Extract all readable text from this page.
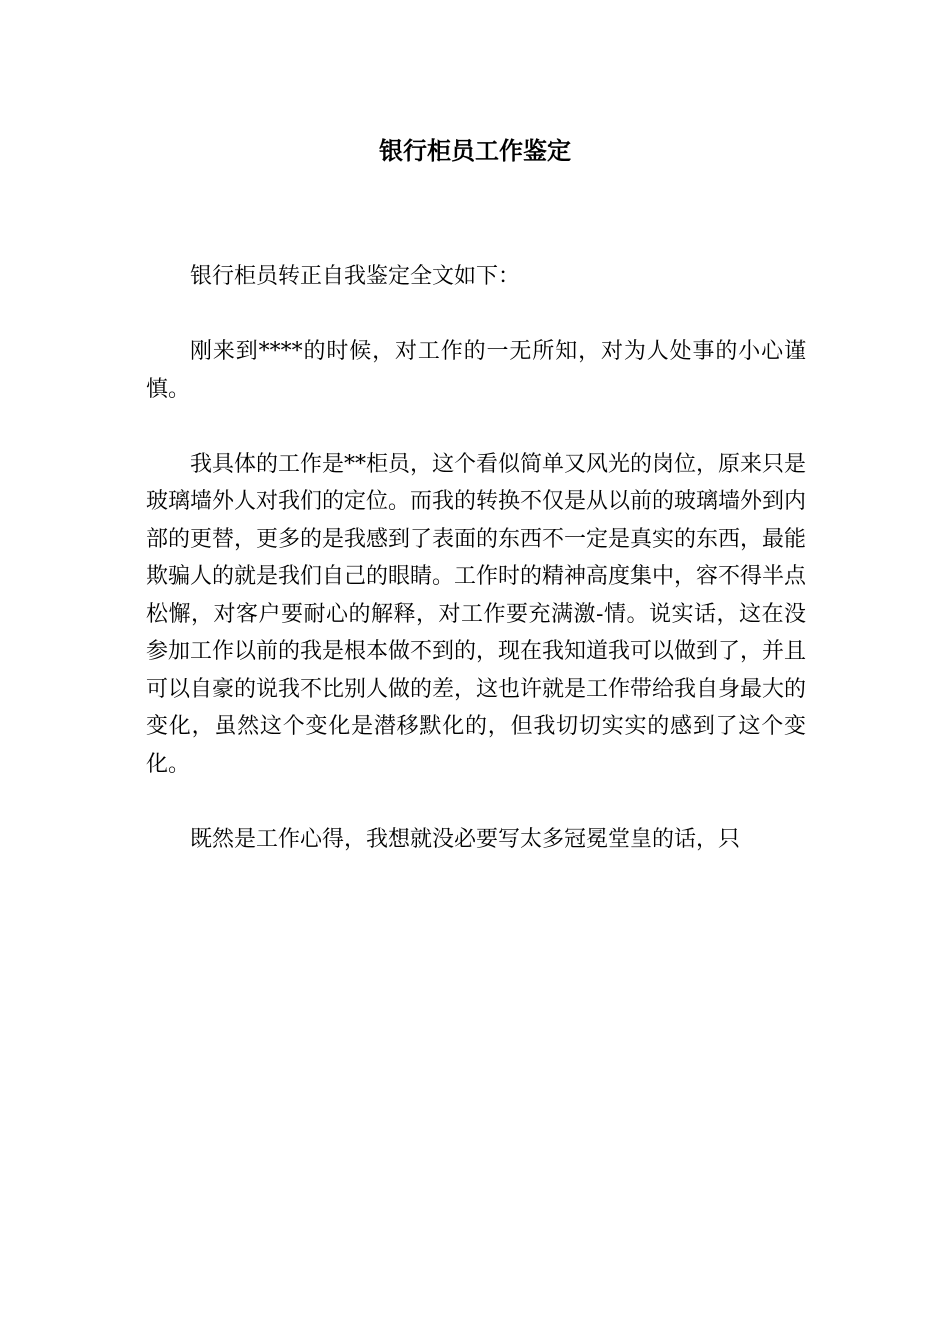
银行柜员工作鉴定

银行柜员转正自我鉴定全文如下：

刚来到****的时候，对工作的一无所知，对为人处事的小心谨慎。

我具体的工作是**柜员，这个看似简单又风光的岗位，原来只是玻璃墙外人对我们的定位。而我的转换不仅是从以前的玻璃墙外到内部的更替，更多的是我感到了表面的东西不一定是真实的东西，最能欺骗人的就是我们自己的眼睛。工作时的精神高度集中，容不得半点松懈，对客户要耐心的解释，对工作要充满激-情。说实话，这在没参加工作以前的我是根本做不到的，现在我知道我可以做到了，并且可以自豪的说我不比别人做的差，这也许就是工作带给我自身最大的变化，虽然这个变化是潜移默化的，但我切切实实的感到了这个变化。

既然是工作心得，我想就没必要写太多冠冕堂皇的话，只
